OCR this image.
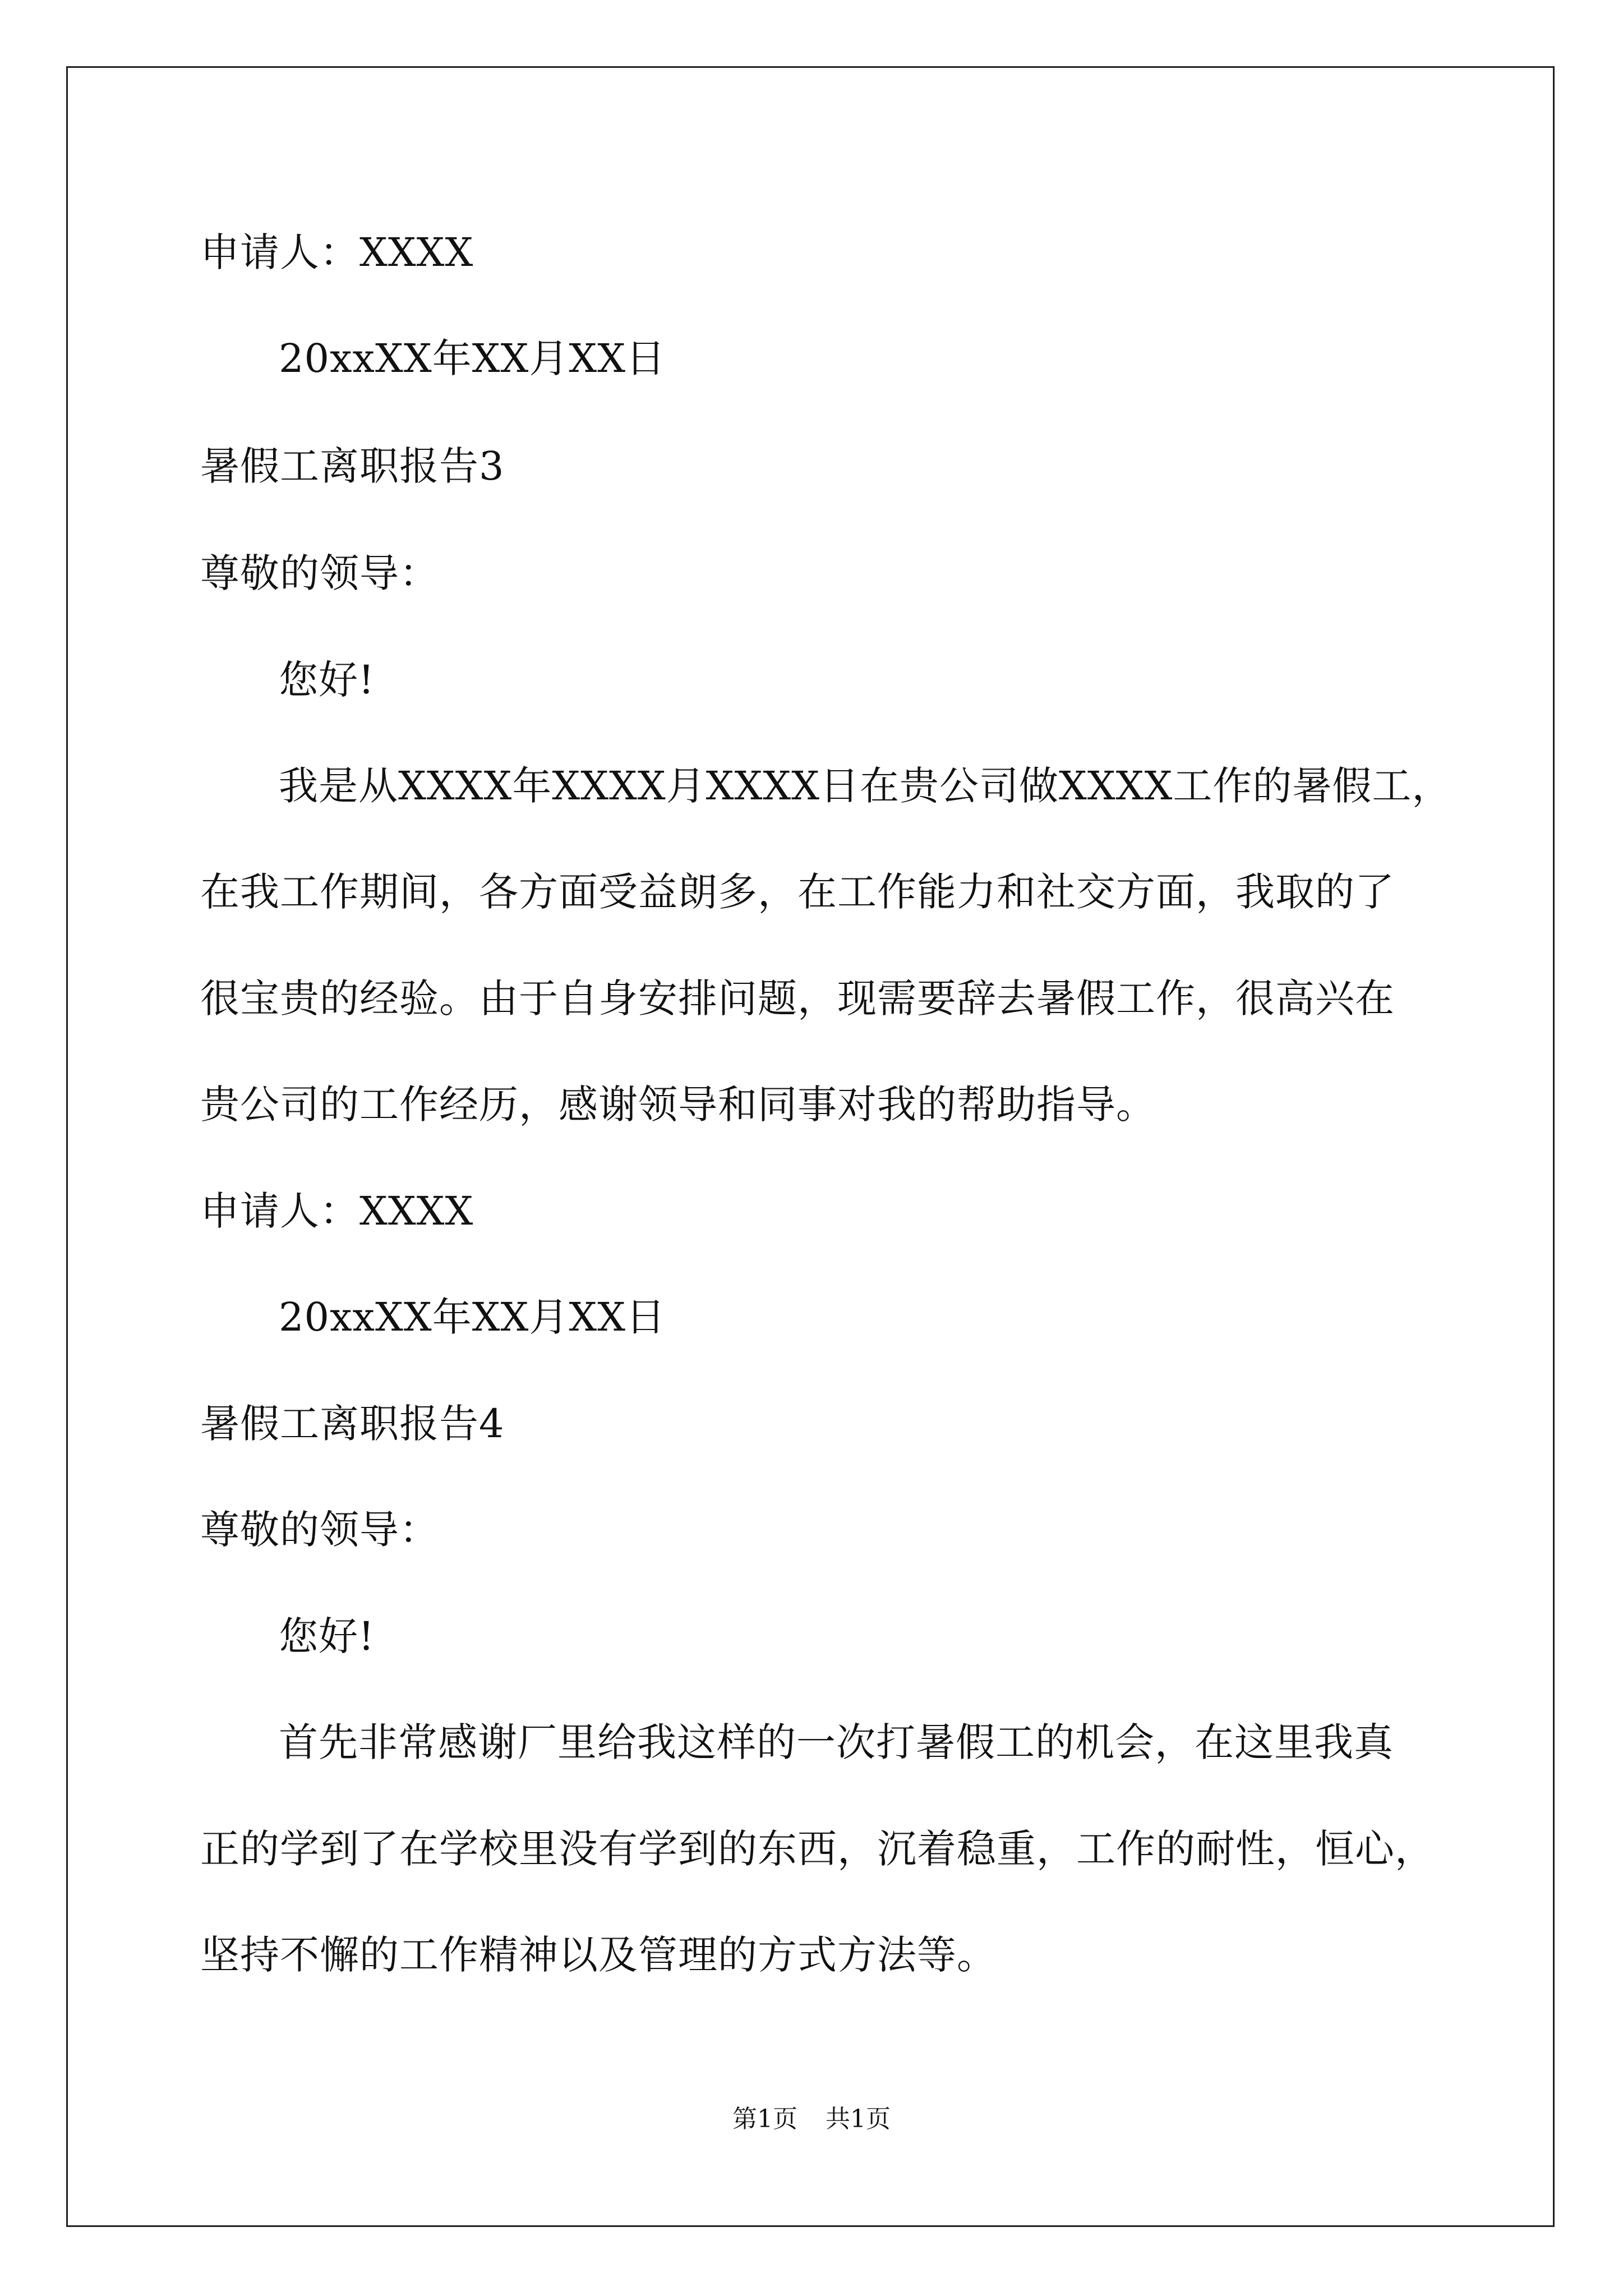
申请人：XXXX
20xxXX年XX月XX日
暑假工离职报告3
尊敬的领导：
您好!
我是从XXXX年XXXX月XXXX日在贵公司做XXXX工作的暑假工，
在我工作期间，各方面受益朗多，在工作能力和社交方面，我取的了
很宝贵的经验。由于自身安排问题，现需要辞去暑假工作，很高兴在
贵公司的工作经历，感谢领导和同事对我的帮助指导。
申请人：XXXX
20xxXX年XX月XX日
暑假工离职报告4
尊敬的领导：
您好!
首先非常感谢厂里给我这样的一次打暑假工的机会，在这里我真
正的学到了在学校里没有学到的东西，沉着稳重，工作的耐性，恒心，
坚持不懈的工作精神以及管理的方式方法等。
第1页 共1页
